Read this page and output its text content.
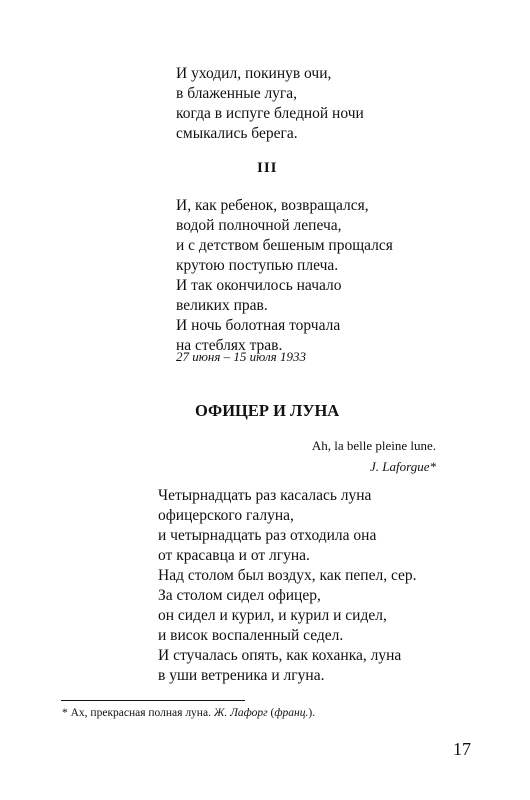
И уходил, покинув очи,
в блаженные луга,
когда в испуге бледной ночи
смыкались берега.
III
И, как ребенок, возвращался,
водой полночной лепеча,
и с детством бешеным прощался
крутою поступью плеча.
И так окончилось начало
великих прав.
И ночь болотная торчала
на стеблях трав.
27 июня – 15 июля 1933
ОФИЦЕР И ЛУНА
Ah, la belle pleine lune.
J. Laforgue*
Четырнадцать раз касалась луна
офицерского галуна,
и четырнадцать раз отходила она
от красавца и от лгуна.
Над столом был воздух, как пепел, сер.
За столом сидел офицер,
он сидел и курил, и курил и сидел,
и висок воспаленный седел.
И стучалась опять, как коханка, луна
в уши ветреника и лгуна.
* Ах, прекрасная полная луна. Ж. Лафорг (франц.).
17
